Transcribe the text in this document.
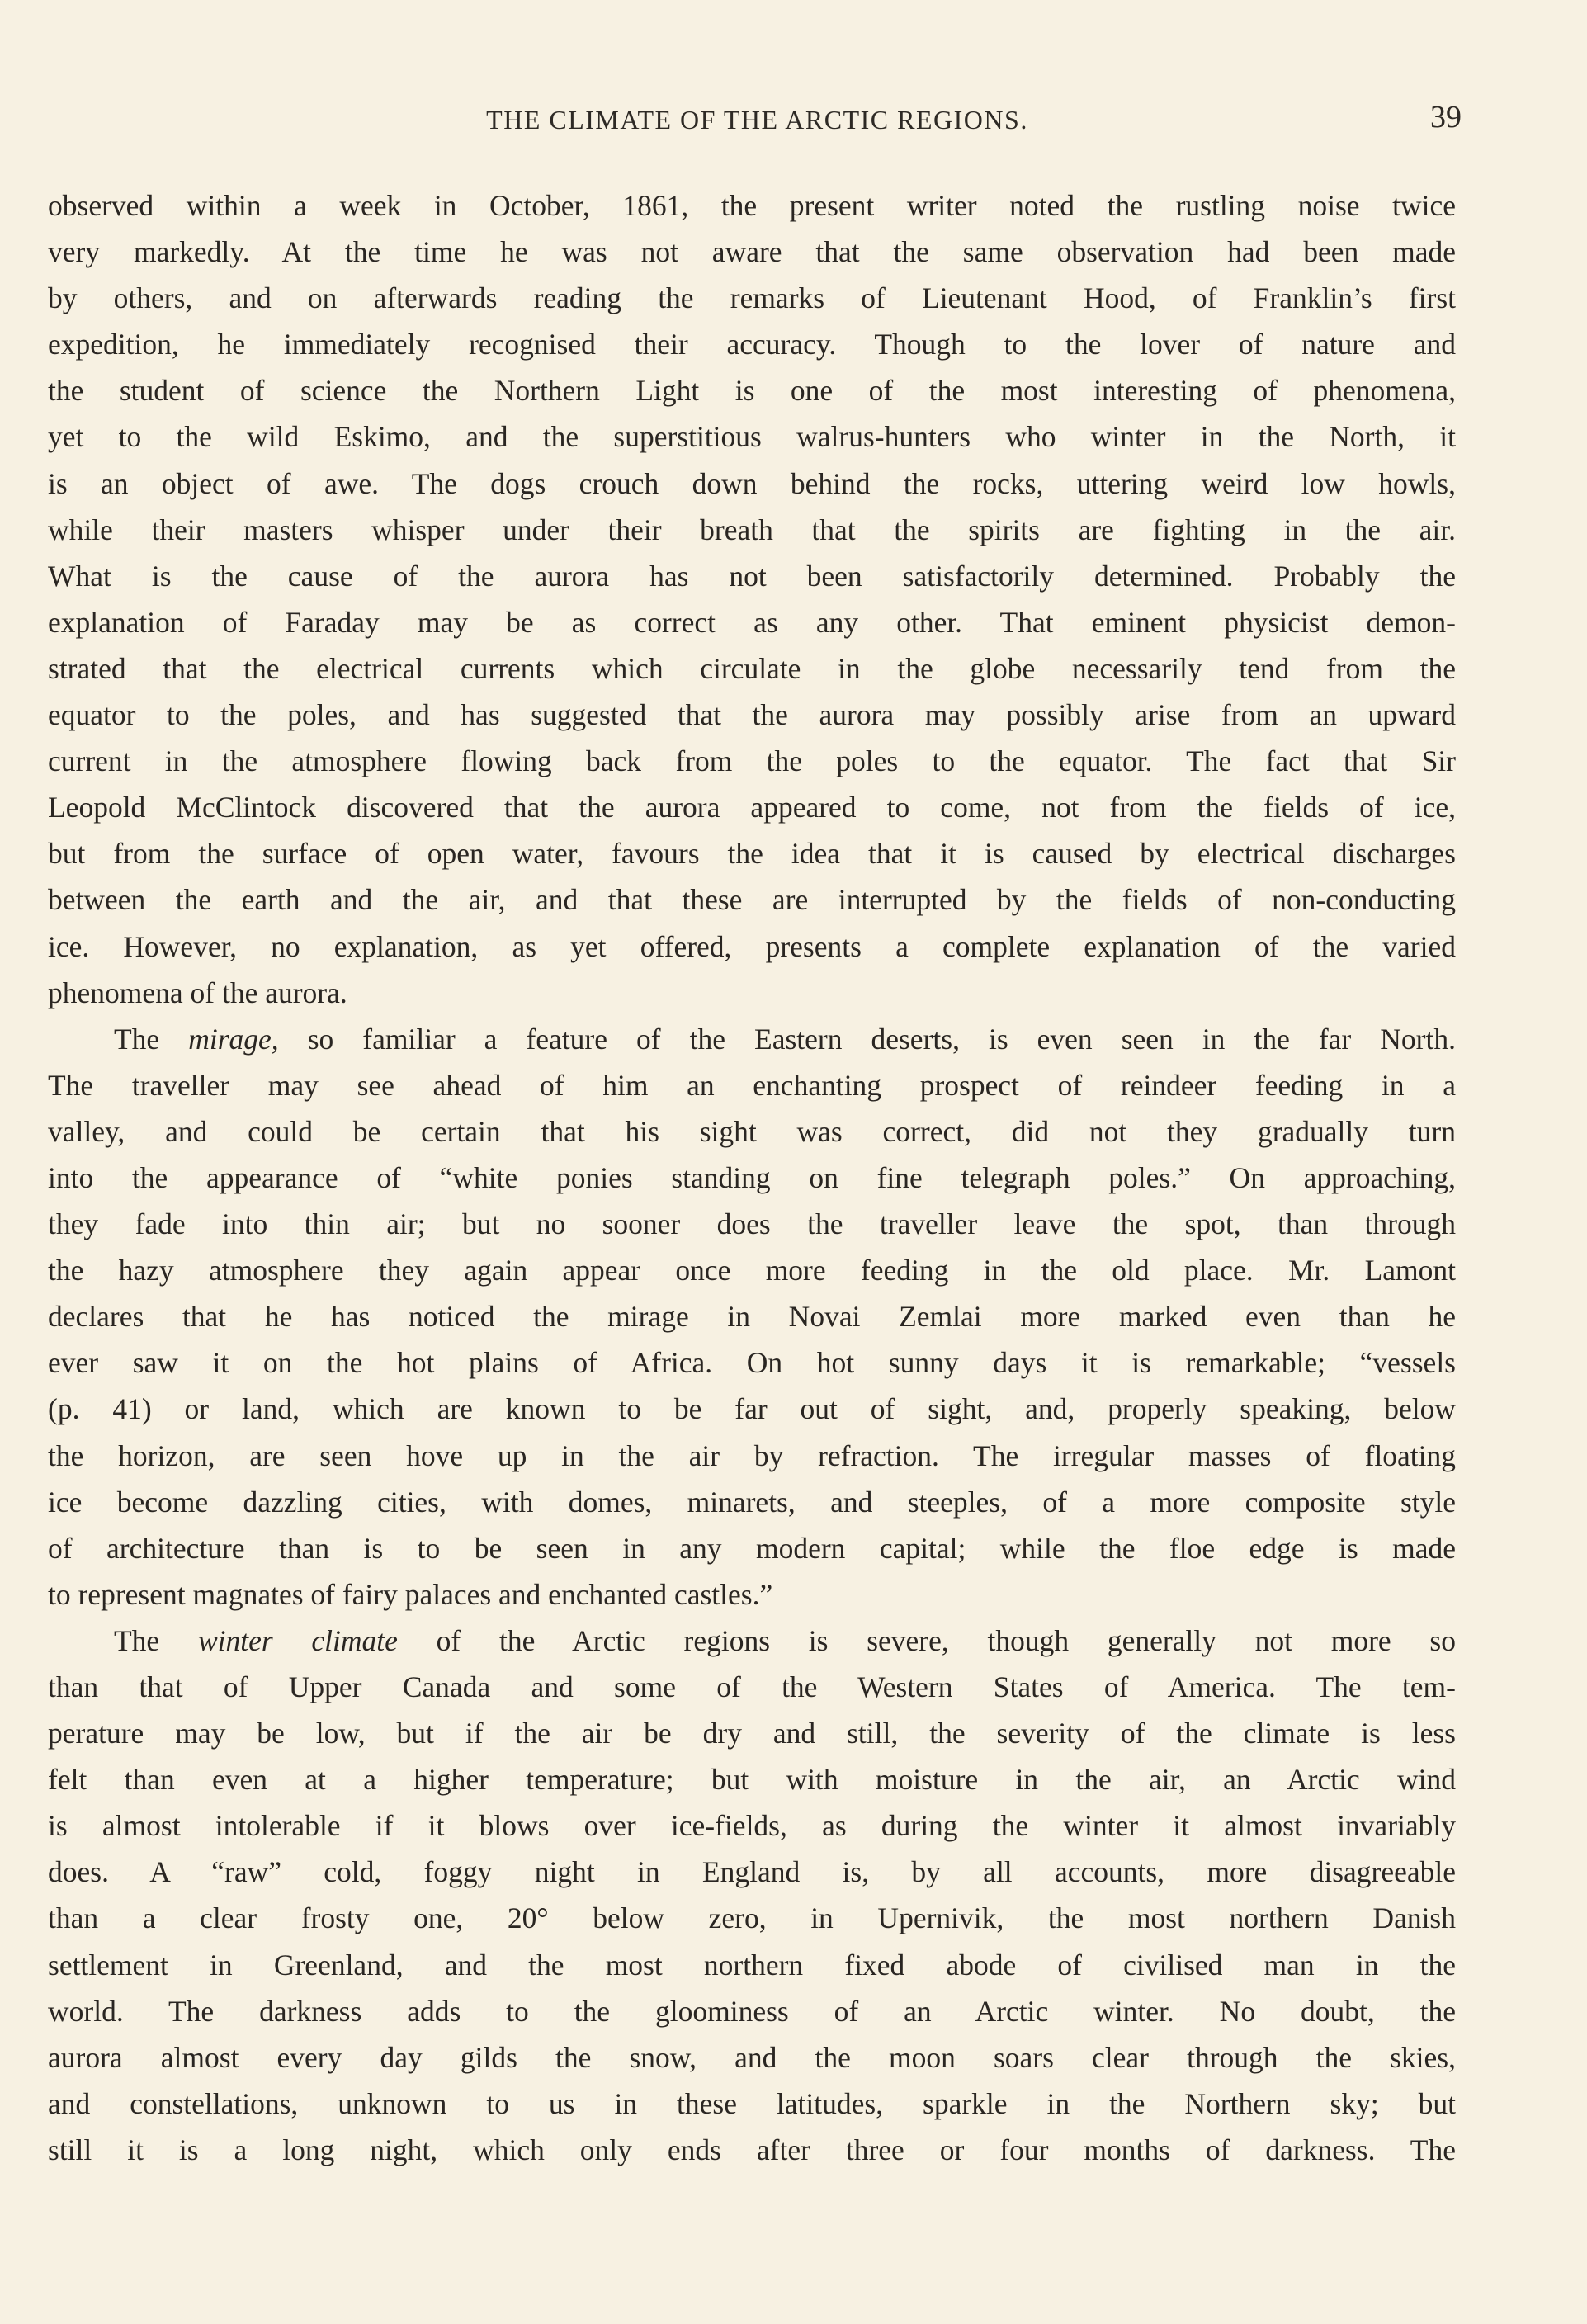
THE CLIMATE OF THE ARCTIC REGIONS.	39
observed within a week in October, 1861, the present writer noted the rustling noise twice
very markedly. At the time he was not aware that the same observation had been made
by others, and on afterwards reading the remarks of Lieutenant Hood, of Franklin’s first
expedition, he immediately recognised their accuracy. Though to the lover of nature and
the student of science the Northern Light is one of the most interesting of phenomena,
yet to the wild Eskimo, and the superstitious walrus-hunters who winter in the North, it
is an object of awe. The dogs crouch down behind the rocks, uttering weird low howls,
while their masters whisper under their breath that the spirits are fighting in the air.
What is the cause of the aurora has not been satisfactorily determined. Probably the
explanation of Faraday may be as correct as any other. That eminent physicist demon-
strated that the electrical currents which circulate in the globe necessarily tend from the
equator to the poles, and has suggested that the aurora may possibly arise from an upward
current in the atmosphere flowing back from the poles to the equator. The fact that Sir
Leopold McClintock discovered that the aurora appeared to come, not from the fields of ice,
but from the surface of open water, favours the idea that it is caused by electrical discharges
between the earth and the air, and that these are interrupted by the fields of non-conducting
ice. However, no explanation, as yet offered, presents a complete explanation of the varied
phenomena of the aurora.
The mirage, so familiar a feature of the Eastern deserts, is even seen in the far North.
The traveller may see ahead of him an enchanting prospect of reindeer feeding in a
valley, and could be certain that his sight was correct, did not they gradually turn
into the appearance of “white ponies standing on fine telegraph poles.” On approaching,
they fade into thin air; but no sooner does the traveller leave the spot, than through
the hazy atmosphere they again appear once more feeding in the old place. Mr. Lamont
declares that he has noticed the mirage in Novai Zemlai more marked even than he
ever saw it on the hot plains of Africa. On hot sunny days it is remarkable; “vessels
(p. 41) or land, which are known to be far out of sight, and, properly speaking, below
the horizon, are seen hove up in the air by refraction. The irregular masses of floating
ice become dazzling cities, with domes, minarets, and steeples, of a more composite style
of architecture than is to be seen in any modern capital; while the floe edge is made
to represent magnates of fairy palaces and enchanted castles.”
The winter climate of the Arctic regions is severe, though generally not more so
than that of Upper Canada and some of the Western States of America. The tem-
perature may be low, but if the air be dry and still, the severity of the climate is less
felt than even at a higher temperature; but with moisture in the air, an Arctic wind
is almost intolerable if it blows over ice-fields, as during the winter it almost invariably
does. A “raw” cold, foggy night in England is, by all accounts, more disagreeable
than a clear frosty one, 20° below zero, in Upernivik, the most northern Danish
settlement in Greenland, and the most northern fixed abode of civilised man in the
world. The darkness adds to the gloominess of an Arctic winter. No doubt, the
aurora almost every day gilds the snow, and the moon soars clear through the skies,
and constellations, unknown to us in these latitudes, sparkle in the Northern sky; but
still it is a long night, which only ends after three or four months of darkness. The
